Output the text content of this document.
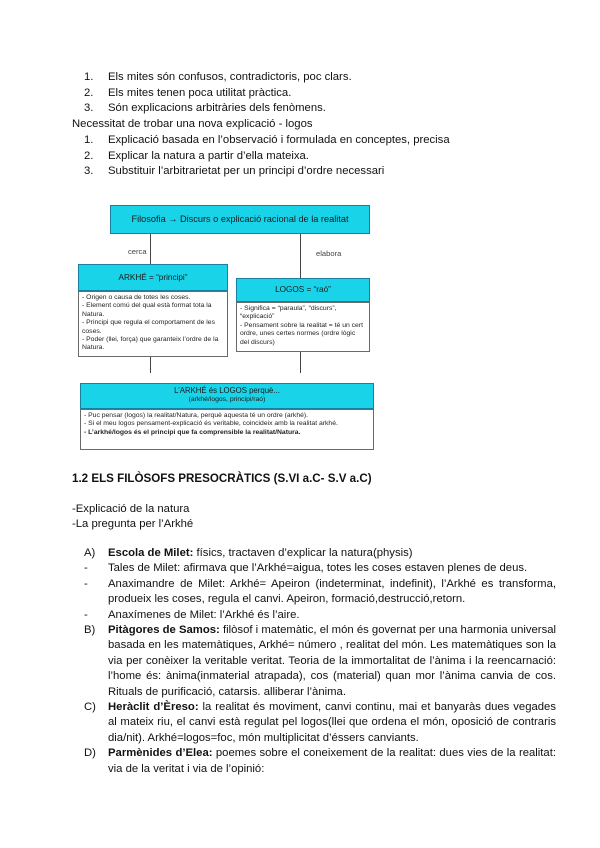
1.	Els mites són confusos, contradictoris, poc clars.
2.	Els mites tenen poca utilitat pràctica.
3.	Són explicacions arbitràries dels fenòmens.
Necessitat de trobar una nova explicació - logos
1.	Explicació basada en l’observació i formulada en conceptes, precisa
2.	Explicar la natura a partir d’ella mateixa.
3.	Substituir l’arbitrarietat per un principi d’ordre necessari
Filosofia → Discurs o explicació racional de la realitat
cerca	elabora
ARKHÉ = “principi”
- Origen o causa de totes les coses.
- Element comú del qual està format tota la Natura.
- Principi que regula el comportament de les coses.
- Poder (llei, força) que garanteix l’ordre de la Natura.
LOGOS = “raó”
- Significa = “paraula”, “discurs”, “explicació”
- Pensament sobre la realitat = té un cert ordre, unes certes normes (ordre lògic del discurs)
L’ARKHÉ és LOGOS perquè...
(arkhé/logos, principi/raó)
- Puc pensar (logos) la realitat/Natura, perquè aquesta té un ordre (arkhé).
- Si el meu logos pensament-explicació és veritable, coincideix amb la realitat arkhé.
- L’arkhé/logos és el principi que fa comprensible la realitat/Natura.
1.2 ELS FILÒSOFS PRESOCRÀTICS (S.VI a.C- S.V a.C)
-Explicació de la natura
-La pregunta per l’Arkhé
A)	Escola de Milet: físics, tractaven d’explicar la natura(physis)
-	Tales de Milet: afirmava que l’Arkhé=aigua, totes les coses estaven plenes de deus.
-	Anaximandre de Milet: Arkhé= Apeiron (indeterminat, indefinit), l’Arkhé es transforma, produeix les coses, regula el canvi. Apeiron, formació,destrucció,retorn.
-	Anaxímenes de Milet: l’Arkhé és l’aire.
B)	Pitàgores de Samos: filòsof i matemàtic, el món és governat per una harmonia universal basada en les matemàtiques, Arkhé= número , realitat del món. Les matemàtiques son la via per conèixer la veritable veritat. Teoria de la immortalitat de l’ànima i la reencarnació: l’home és: ànima(inmaterial atrapada), cos (material) quan mor l’ànima canvia de cos. Rituals de purificació, catarsis. alliberar l’ànima.
C)	Heràclit d’Èreso: la realitat és moviment, canvi continu, mai et banyaràs dues vegades al mateix riu, el canvi està regulat pel logos(llei que ordena el món, oposició de contraris dia/nit). Arkhé=logos=foc, món multiplicitat d’éssers canviants.
D)	Parmènides d’Elea: poemes sobre el coneixement de la realitat: dues vies de la realitat: via de la veritat i via de l’opinió:
